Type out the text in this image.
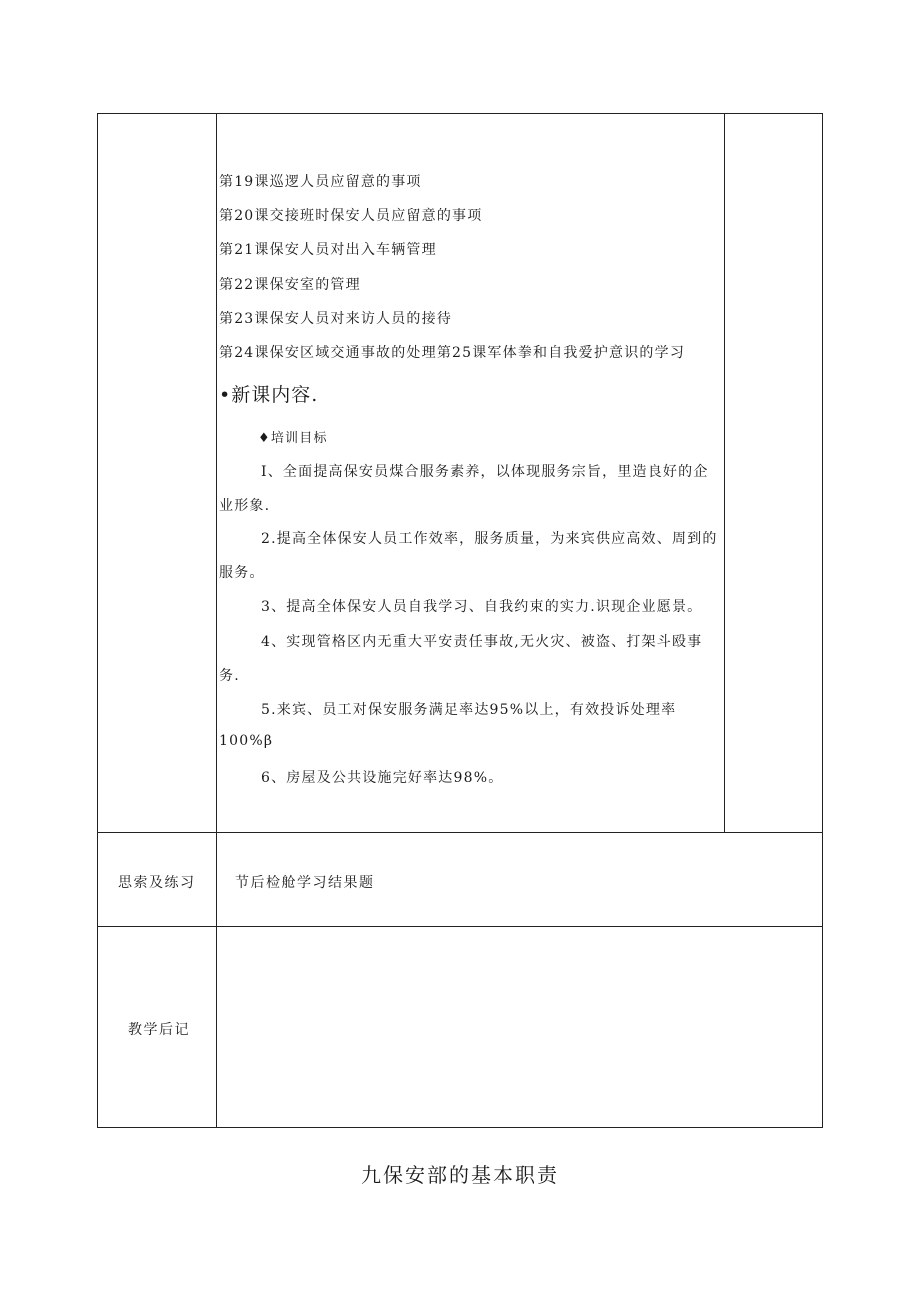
第19课巡逻人员应留意的事项
第20课交接班时保安人员应留意的事项
第21课保安人员对出入车辆管理
第22课保安室的管理
第23课保安人员对来访人员的接待
第24课保安区域交通事故的处理第25课军体拳和自我爱护意识的学习
•新课内容.
♦培训目标
I、全面提高保安员煤合服务素养，以体现服务宗旨，里造良好的企
业形象.
2.提高全体保安人员工作效率，服务质量，为来宾供应高效、周到的
服务。
3、提高全体保安人员自我学习、自我约束的实力.识现企业愿景。
4、实现管格区内无重大平安责任事故,无火灾、被盗、打架斗殴事
务.
5.来宾、员工对保安服务满足率达95%以上，有效投诉处理率
100%β
6、房屋及公共设施完好率达98%。
思索及练习	节后检舱学习结果题
教学后记
九保安部的基本职责
